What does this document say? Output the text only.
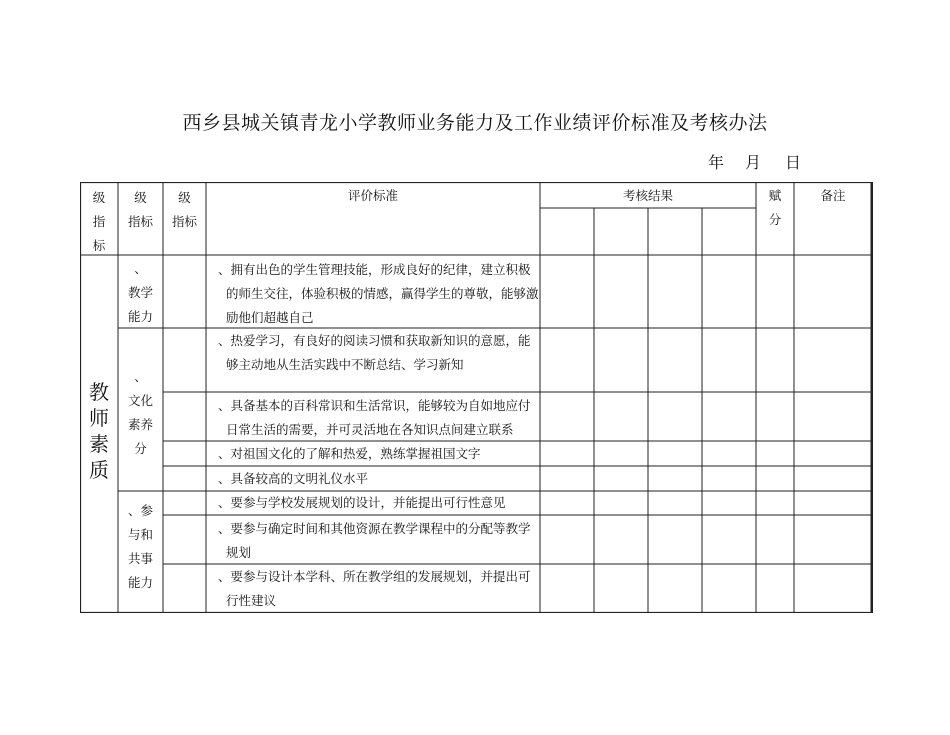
西乡县城关镇青龙小学教师业务能力及工作业绩评价标准及考核办法
年 月 日
级
指
标
级
指标
级
指标
评价标准	考核结果	赋
分
备注
教
师
素
质
、
教学
能力
、
文化
素养
分
、参
与和
共事
能力
、拥有出色的学生管理技能，形成良好的纪律，建立积极
的师生交往，体验积极的情感，赢得学生的尊敬，能够激
励他们超越自己
、热爱学习，有良好的阅读习惯和获取新知识的意愿，能
够主动地从生活实践中不断总结、学习新知
、具备基本的百科常识和生活常识，能够较为自如地应付
日常生活的需要，并可灵活地在各知识点间建立联系
、对祖国文化的了解和热爱，熟练掌握祖国文字
、具备较高的文明礼仪水平
、要参与学校发展规划的设计，并能提出可行性意见
、要参与确定时间和其他资源在教学课程中的分配等教学
规划
、要参与设计本学科、所在教学组的发展规划，并提出可
行性建议
